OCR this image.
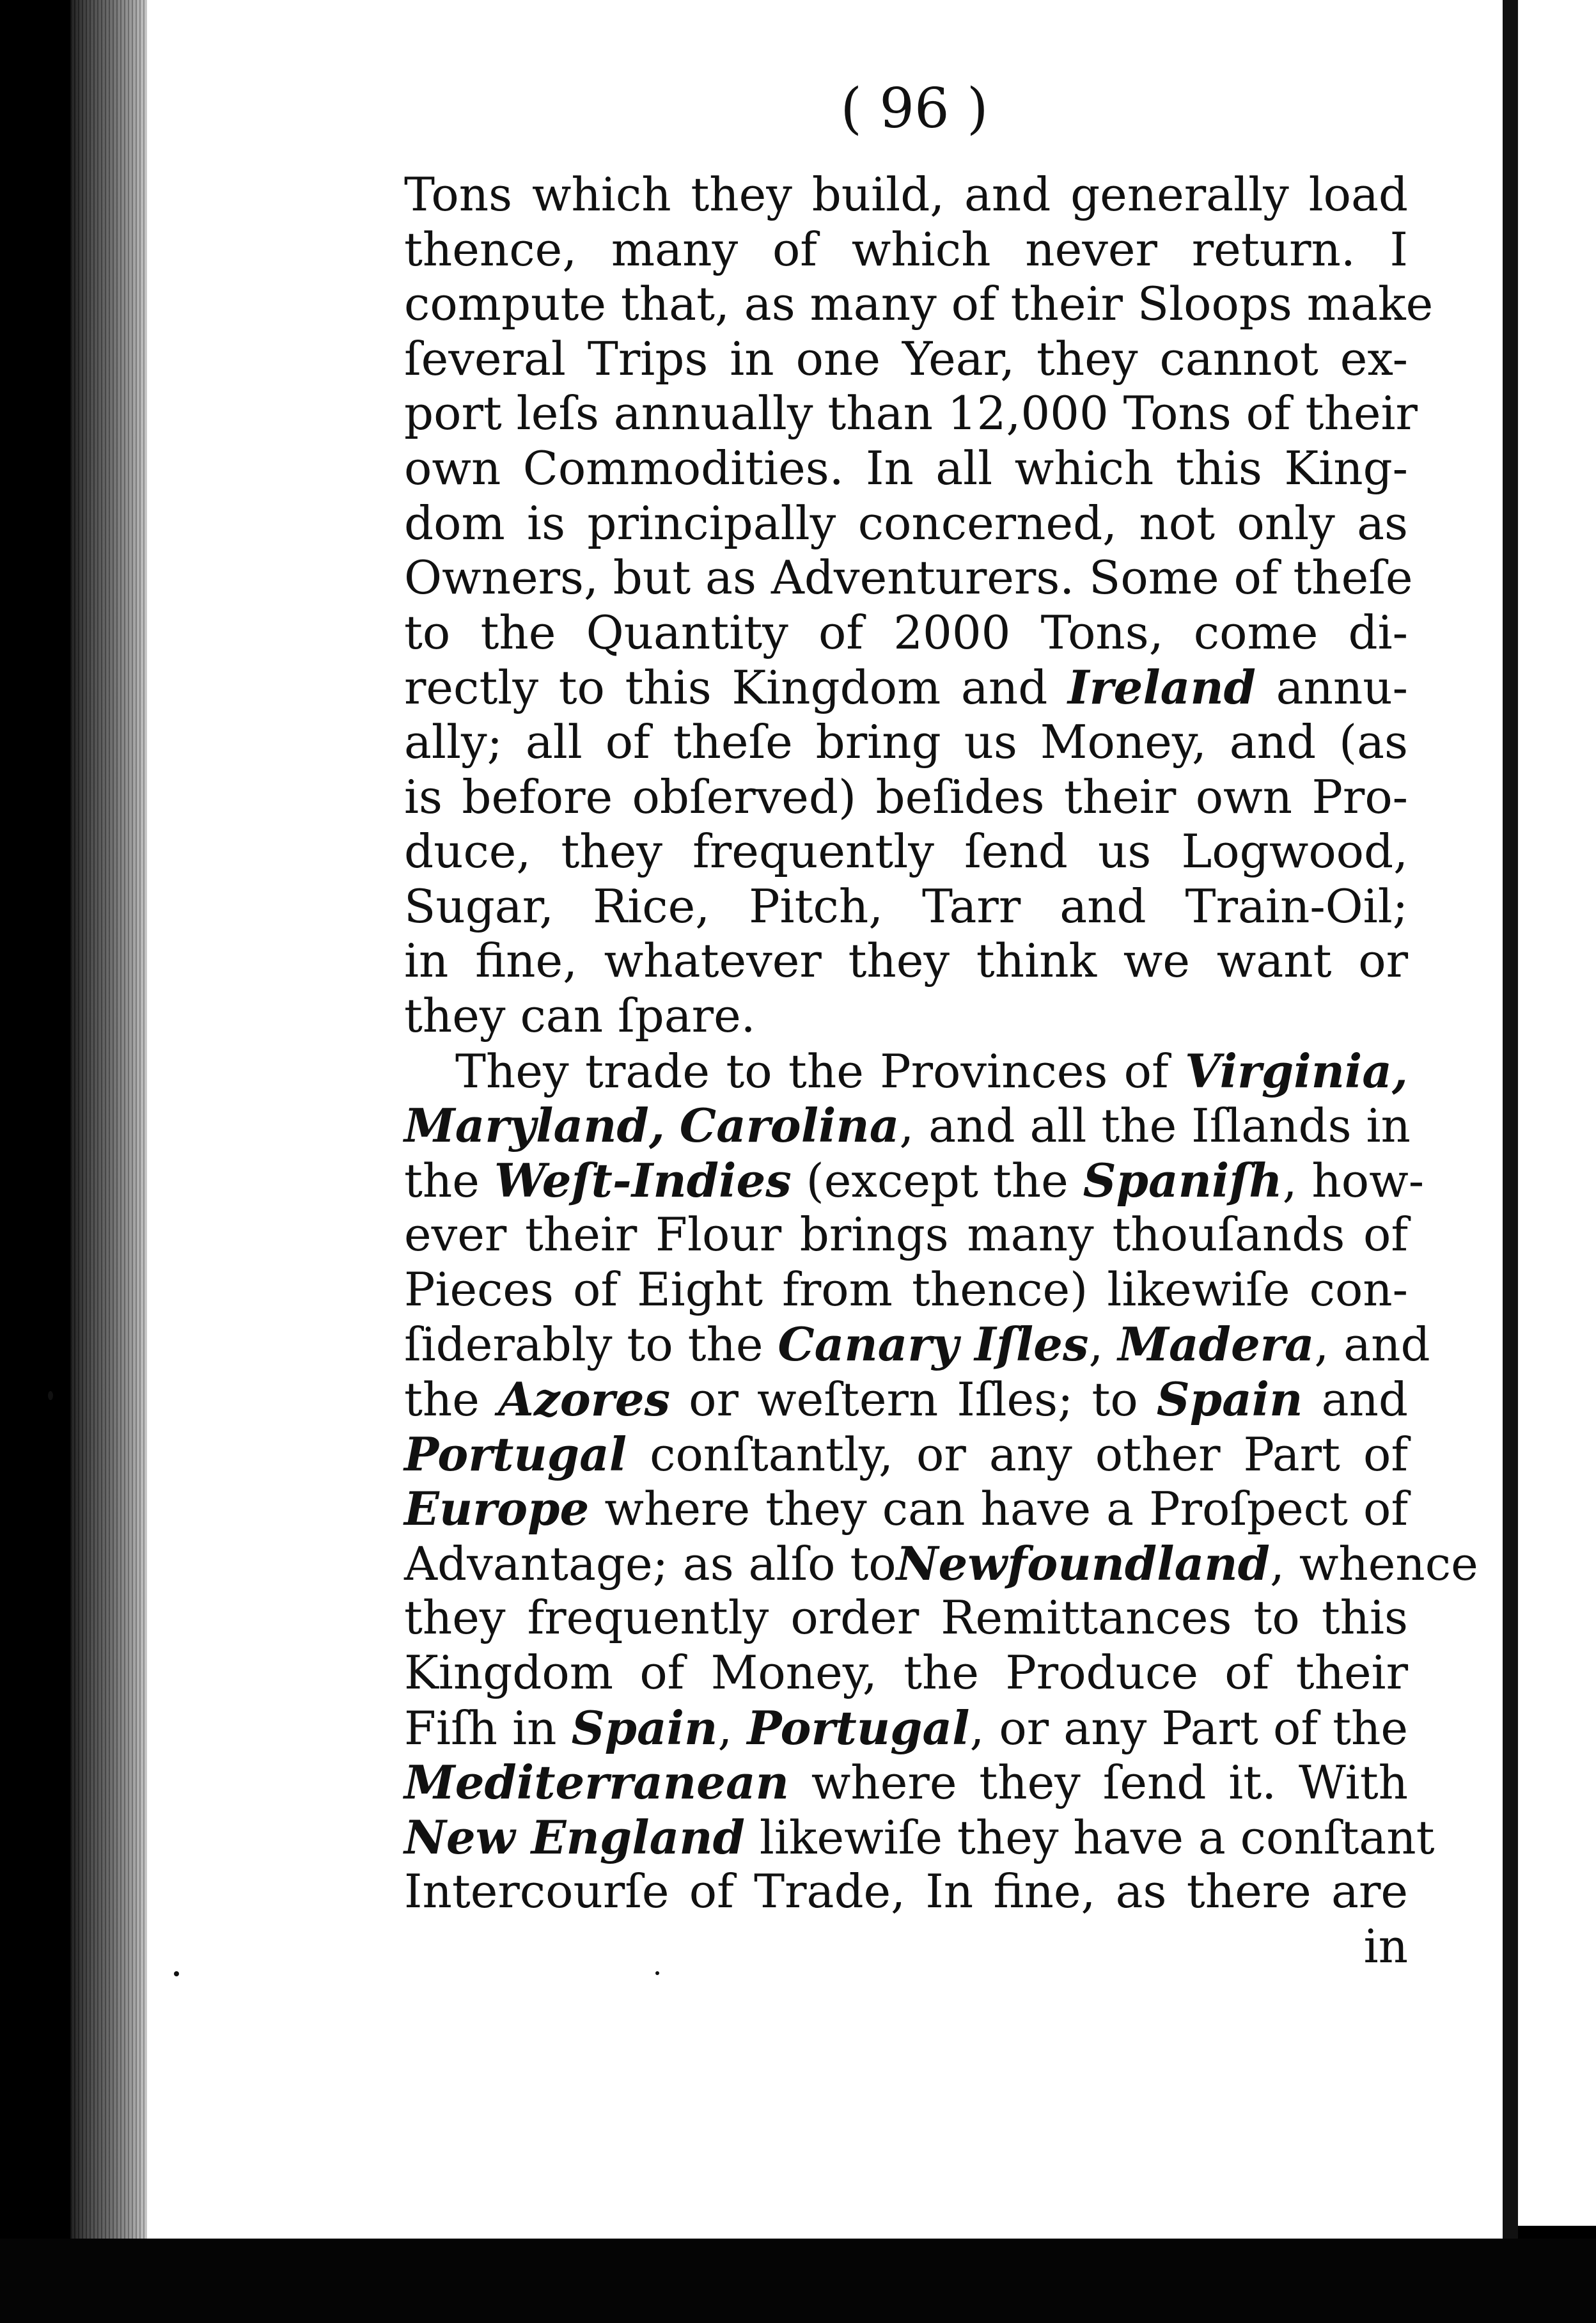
( 96 )
Tons which they build, and generally load
thence, many of which never return. I
compute that, as many of their Sloops make
ſeveral Trips in one Year, they cannot ex-
port leſs annually than 12,000 Tons of their
own Commodities. In all which this King-
dom is principally concerned, not only as
Owners, but as Adventurers. Some of theſe
to the Quantity of 2000 Tons, come di-
rectly to this Kingdom and Ireland annu-
ally; all of theſe bring us Money, and (as
is before obſerved) beſides their own Pro-
duce, they frequently ſend us Logwood,
Sugar, Rice, Pitch, Tarr and Train-Oil;
in fine, whatever they think we want or
they can ſpare.
They trade to the Provinces of Virginia,
Maryland, Carolina, and all the Iſlands in
the Weſt-Indies (except the Spaniſh, how-
ever their Flour brings many thouſands of
Pieces of Eight from thence) likewiſe con-
ſiderably to the Canary Iſles, Madera, and
the Azores or weſtern Iſles; to Spain and
Portugal conſtantly, or any other Part of
Europe where they can have a Proſpect of
Advantage; as alſo toNewfoundland, whence
they frequently order Remittances to this
Kingdom of Money, the Produce of their
Fiſh in Spain, Portugal, or any Part of the
Mediterranean where they ſend it. With
New England likewiſe they have a conſtant
Intercourſe of Trade, In fine, as there are
in
